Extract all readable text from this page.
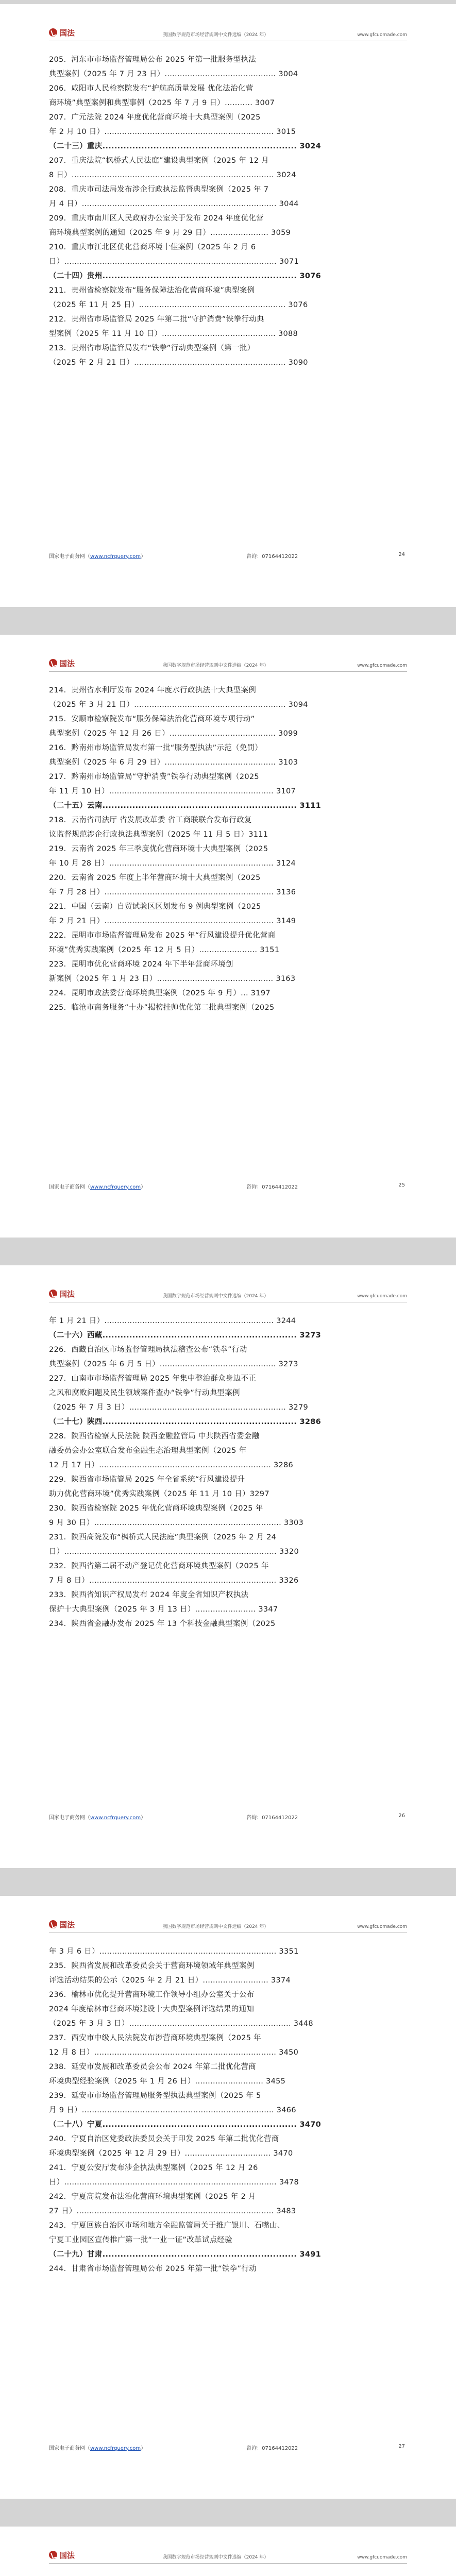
国法	我国数字规范市场经营规则中文件选编（2024 年）	www.gfcuomade.com

205．河东市市场监督管理局公布 2025 年第一批服务型执法

典型案例（2025 年 7 月 23 日）............................................ 3004

206．咸阳市人民检察院发布“护航高质量发展 优化法治化营

商环境”典型案例和典型事例（2025 年 7 月 9 日）........... 3007

207．广元法院 2024 年度优化营商环境十大典型案例（2025

年 2 月 10 日）................................................................... 3015

（二十三）重庆................................................................. 3024

207．重庆法院“枫桥式人民法庭”建设典型案例（2025 年 12 月

8 日）................................................................................ 3024

208．重庆市司法局发布涉企行政执法监督典型案例（2025 年 7

月 4 日）............................................................................. 3044

209．重庆市南川区人民政府办公室关于发布 2024 年度优化营

商环境典型案例的通知（2025 年 9 月 29 日）....................... 3059

210．重庆市江北区优化营商环境十佳案例（2025 年 2 月 6

日）.................................................................................... 3071

（二十四）贵州................................................................. 3076

211．贵州省检察院发布“服务保障法治化营商环境”典型案例

（2025 年 11 月 25 日）.......................................................... 3076

212．贵州省市场监管局 2025 年第二批“守护消费”铁拳行动典

型案例（2025 年 11 月 10 日）............................................. 3088

213．贵州省市场监管局发布“铁拳”行动典型案例（第一批）

（2025 年 2 月 21 日）............................................................ 3090

国家电子商务网（www.ncfrquery.com）	咨询：07164412022	24
国法	我国数字规范市场经营规则中文件选编（2024 年）	www.gfcuomade.com

214．贵州省水利厅发布 2024 年度水行政执法十大典型案例

（2025 年 3 月 21 日）............................................................ 3094

215．安顺市检察院发布“服务保障法治化营商环境专项行动”

典型案例（2025 年 12 月 26 日）.......................................... 3099

216．黔南州市场监管局发布第一批“服务型执法”示范（免罚）

典型案例（2025 年 6 月 29 日）............................................ 3103

217．黔南州市场监管局“守护消费”铁拳行动典型案例（2025

年 11 月 10 日）................................................................. 3107

（二十五）云南................................................................. 3111

218．云南省司法厅 省发展改革委 省工商联联合发布行政复

议监督规范涉企行政执法典型案例（2025 年 11 月 5 日）3111

219．云南省 2025 年三季度优化营商环境十大典型案例（2025

年 10 月 28 日）................................................................. 3124

220．云南省 2025 年度上半年营商环境十大典型案例（2025

年 7 月 28 日）................................................................... 3136

221．中国（云南）自贸试验区区划发布 9 例典型案例（2025

年 2 月 21 日）................................................................... 3149

222．昆明市市场监督管理局发布 2025 年“行风建设提升优化营商

环境”优秀实践案例（2025 年 12 月 5 日）....................... 3151

223．昆明市优化营商环境 2024 年下半年营商环境创

新案例（2025 年 1 月 23 日）.............................................. 3163

224．昆明市政法委营商环境典型案例（2025 年 9 月）... 3197

225．临沧市商务服务“十办”揭榜挂帅优化第二批典型案例（2025

国家电子商务网（www.ncfrquery.com）	咨询：07164412022	25
国法	我国数字规范市场经营规则中文件选编（2024 年）	www.gfcuomade.com

年 1 月 21 日）................................................................... 3244

（二十六）西藏................................................................. 3273

226．西藏自治区市场监督管理局执法稽查公布“铁拳”行动

典型案例（2025 年 6 月 5 日）.............................................. 3273

227．山南市市场监督管理局 2025 年集中整治群众身边不正

之风和腐败问题及民生领域案件查办“铁拳”行动典型案例

（2025 年 7 月 3 日）.............................................................. 3279

（二十七）陕西................................................................. 3286

228．陕西省检察人民法院 陕西金融监管局 中共陕西省委金融

融委员会办公室联合发布金融生态治理典型案例（2025 年

12 月 17 日）.................................................................... 3286

229．陕西省市场监管局 2025 年全省系统“行风建设提升

助力优化营商环境”优秀实践案例（2025 年 11 月 10 日）3297

230．陕西省检察院 2025 年优化营商环境典型案例（2025 年

9 月 30 日）.......................................................................... 3303

231．陕西高院发布“枫桥式人民法庭”典型案例（2025 年 2 月 24

日）.................................................................................... 3320

232．陕西省第二届不动产登记优化营商环境典型案例（2025 年

7 月 8 日）.......................................................................... 3326

233．陕西省知识产权局发布 2024 年度全省知识产权执法

保护十大典型案例（2025 年 3 月 13 日）........................ 3347

234．陕西省金融办发布 2025 年 13 个科技金融典型案例（2025

国家电子商务网（www.ncfrquery.com）	咨询：07164412022	26
国法	我国数字规范市场经营规则中文件选编（2024 年）	www.gfcuomade.com

年 3 月 6 日）...................................................................... 3351

235．陕西省发展和改革委员会关于营商环境领域年典型案例

评选活动结果的公示（2025 年 2 月 21 日）.......................... 3374

236．榆林市优化提升营商环境工作领导小组办公室关于公布

2024 年度榆林市营商环境建设十大典型案例评选结果的通知

（2025 年 3 月 3 日）................................................................ 3448

237．西安市中级人民法院发布涉营商环境典型案例（2025 年

12 月 8 日）........................................................................ 3450

238．延安市发展和改革委员会公布 2024 年第二批优化营商

环境典型经验案例（2025 年 1 月 26 日）........................... 3455

239．延安市市场监督管理局服务型执法典型案例（2025 年 5

月 9 日）............................................................................ 3466

（二十八）宁夏................................................................. 3470

240．宁夏自治区党委政法委员会关于印发 2025 年第二批优化营商

环境典型案例（2025 年 12 月 29 日）.................................. 3470

241．宁夏公安厅发布涉企执法典型案例（2025 年 12 月 26

日）.................................................................................... 3478

242．宁夏高院发布法治化营商环境典型案例（2025 年 2 月

27 日）.............................................................................. 3483

243．宁夏回族自治区市场和地方金融监管局关于推广银川、石嘴山、

宁夏工业园区宣传推广第一批“一业一证”改革试点经验

（二十九）甘肃................................................................. 3491

244．甘肃省市场监督管理局公布 2025 年第一批“铁拳”行动

国家电子商务网（www.ncfrquery.com）	咨询：07164412022	27
国法	我国数字规范市场经营规则中文件选编（2024 年）	www.gfcuomade.com
